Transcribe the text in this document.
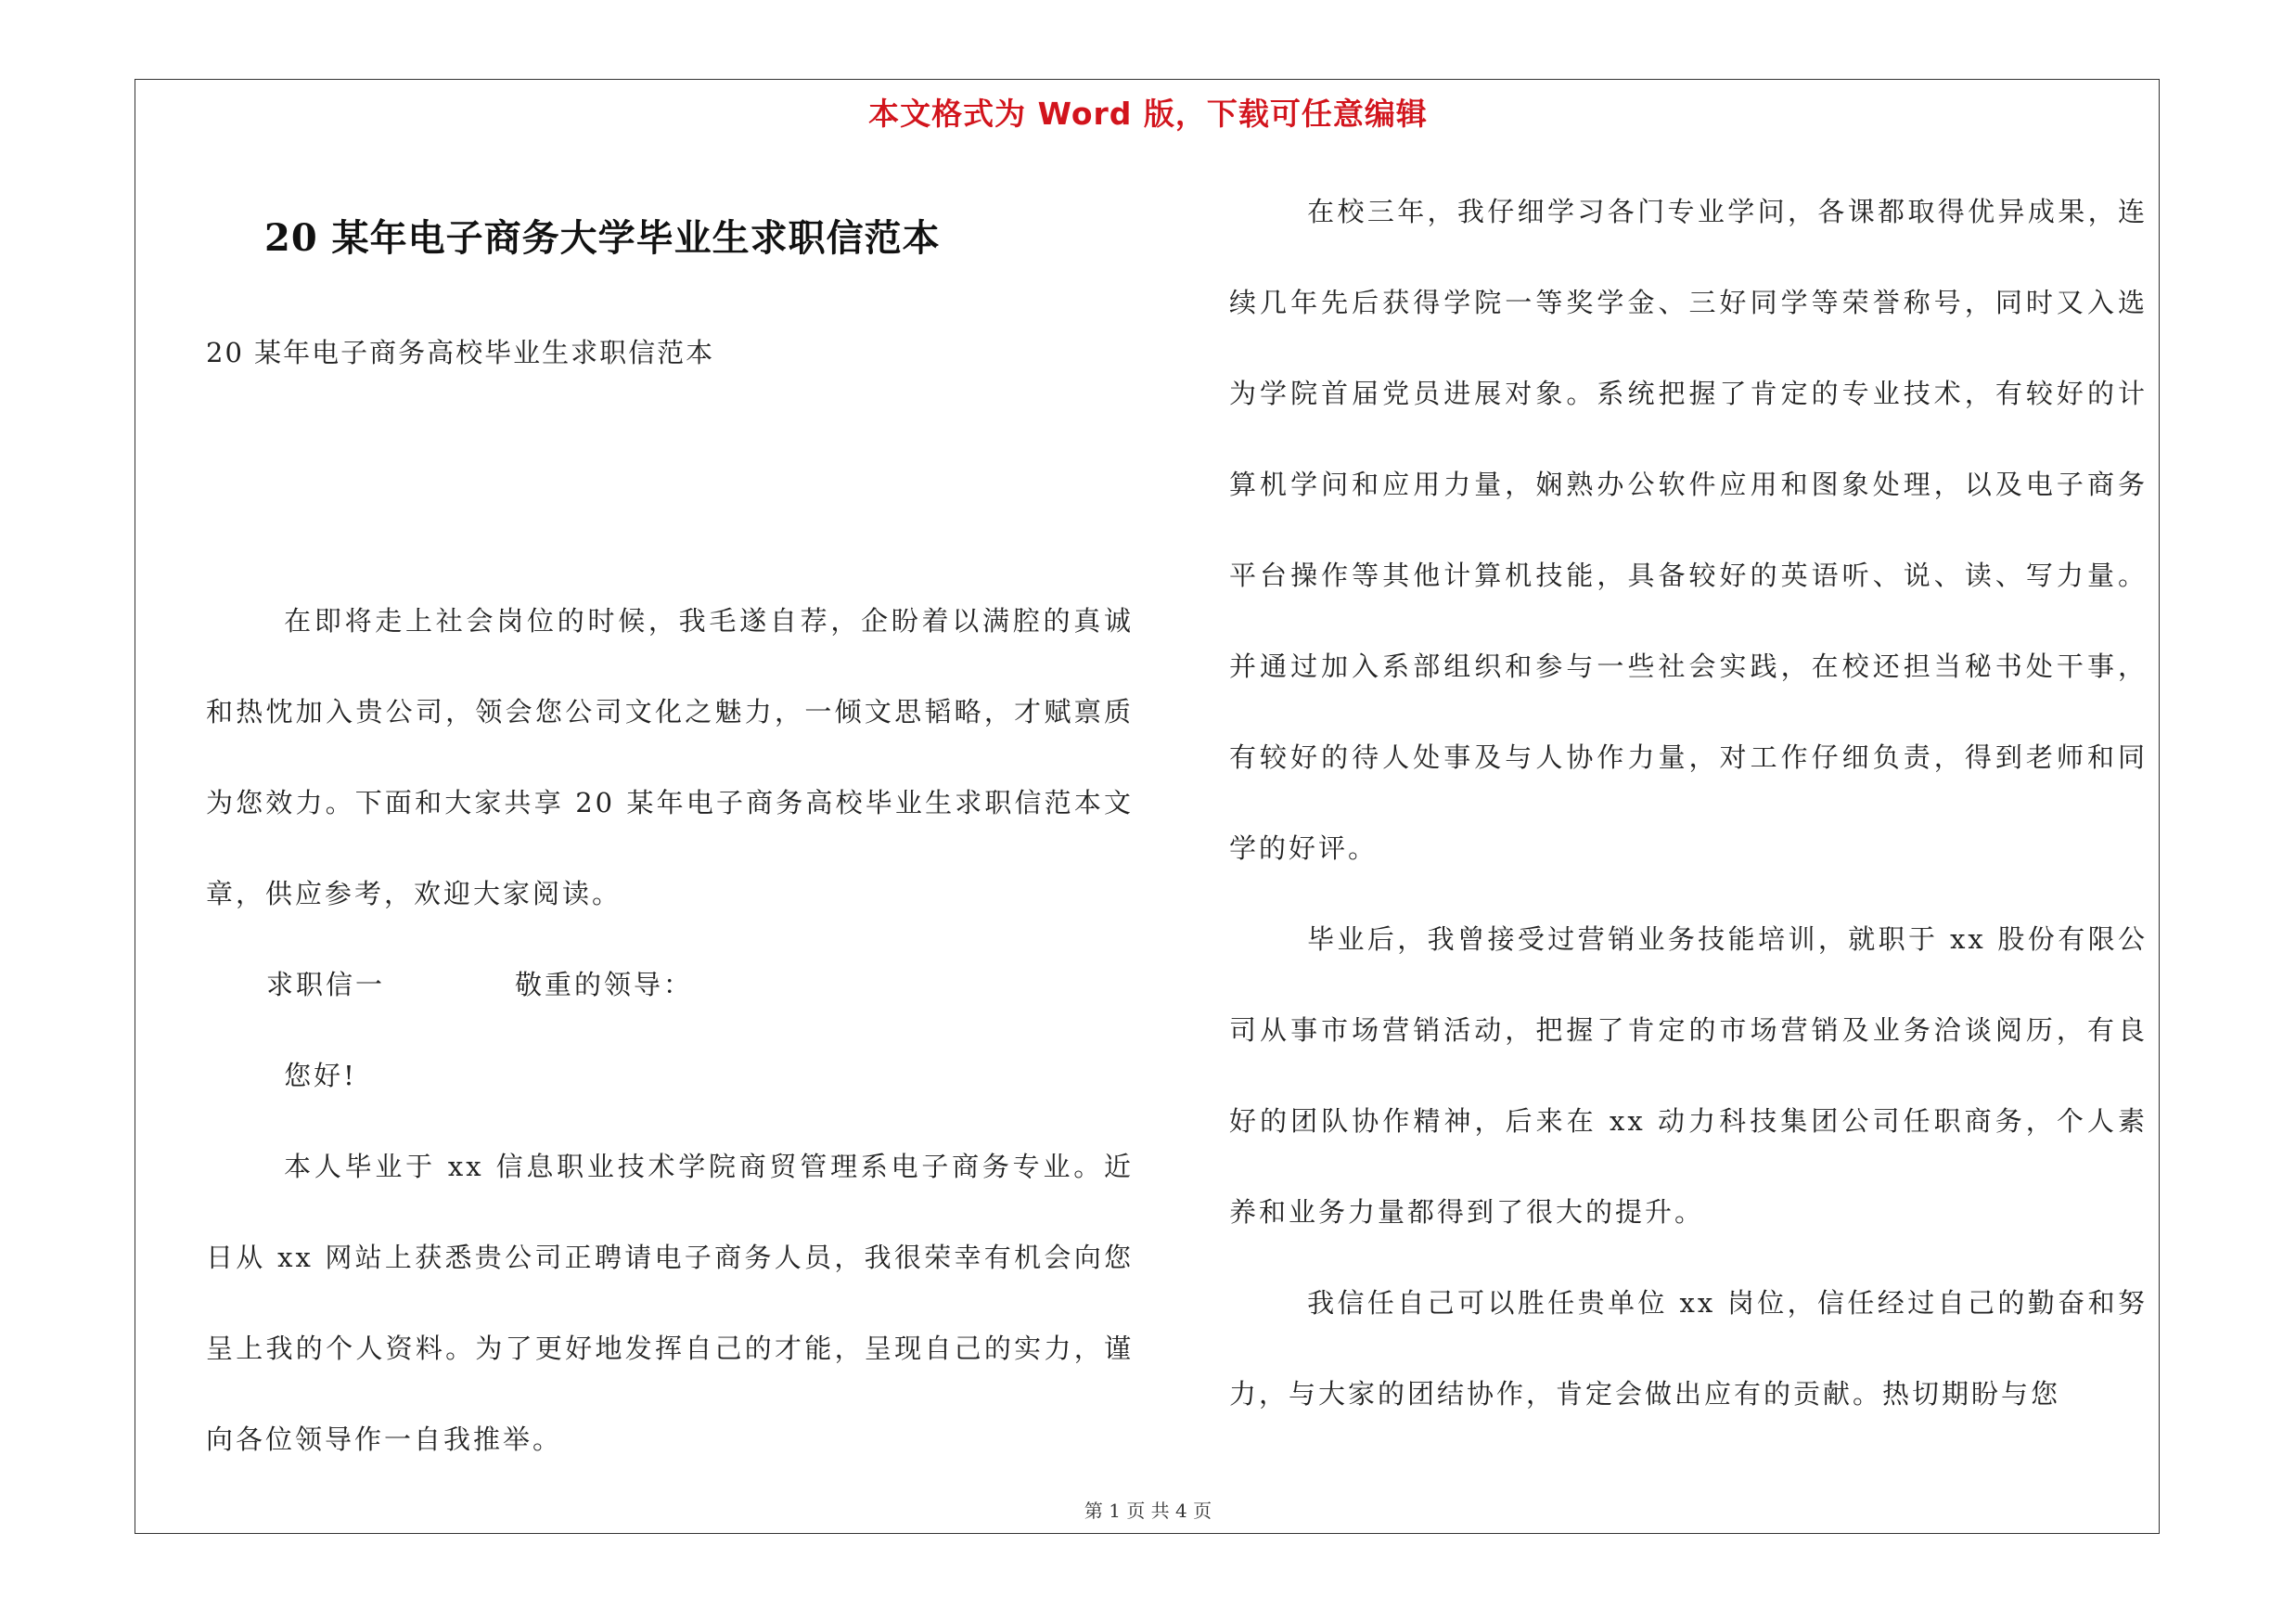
本文格式为 Word 版，下载可任意编辑
20 某年电子商务大学毕业生求职信范本
20 某年电子商务高校毕业生求职信范本

在即将走上社会岗位的时候，我毛遂自荐，企盼着以满腔的真诚和热忱加入贵公司，领会您公司文化之魅力，一倾文思韬略，才赋禀质为您效力。下面和大家共享 20 某年电子商务高校毕业生求职信范本文章，供应参考，欢迎大家阅读。

求职信一	敬重的领导：

您好!

本人毕业于 xx 信息职业技术学院商贸管理系电子商务专业。近日从 xx 网站上获悉贵公司正聘请电子商务人员，我很荣幸有机会向您呈上我的个人资料。为了更好地发挥自己的才能，呈现自己的实力，谨向各位领导作一自我推举。

在校三年，我仔细学习各门专业学问，各课都取得优异成果，连续几年先后获得学院一等奖学金、三好同学等荣誉称号，同时又入选为学院首届党员进展对象。系统把握了肯定的专业技术，有较好的计算机学问和应用力量，娴熟办公软件应用和图象处理，以及电子商务平台操作等其他计算机技能，具备较好的英语听、说、读、写力量。并通过加入系部组织和参与一些社会实践，在校还担当秘书处干事，有较好的待人处事及与人协作力量，对工作仔细负责，得到老师和同学的好评。

毕业后，我曾接受过营销业务技能培训，就职于 xx 股份有限公司从事市场营销活动，把握了肯定的市场营销及业务洽谈阅历，有良好的团队协作精神，后来在 xx 动力科技集团公司任职商务，个人素养和业务力量都得到了很大的提升。

我信任自己可以胜任贵单位 xx 岗位，信任经过自己的勤奋和努力，与大家的团结协作，肯定会做出应有的贡献。热切期盼与您

第 1 页 共 4 页
